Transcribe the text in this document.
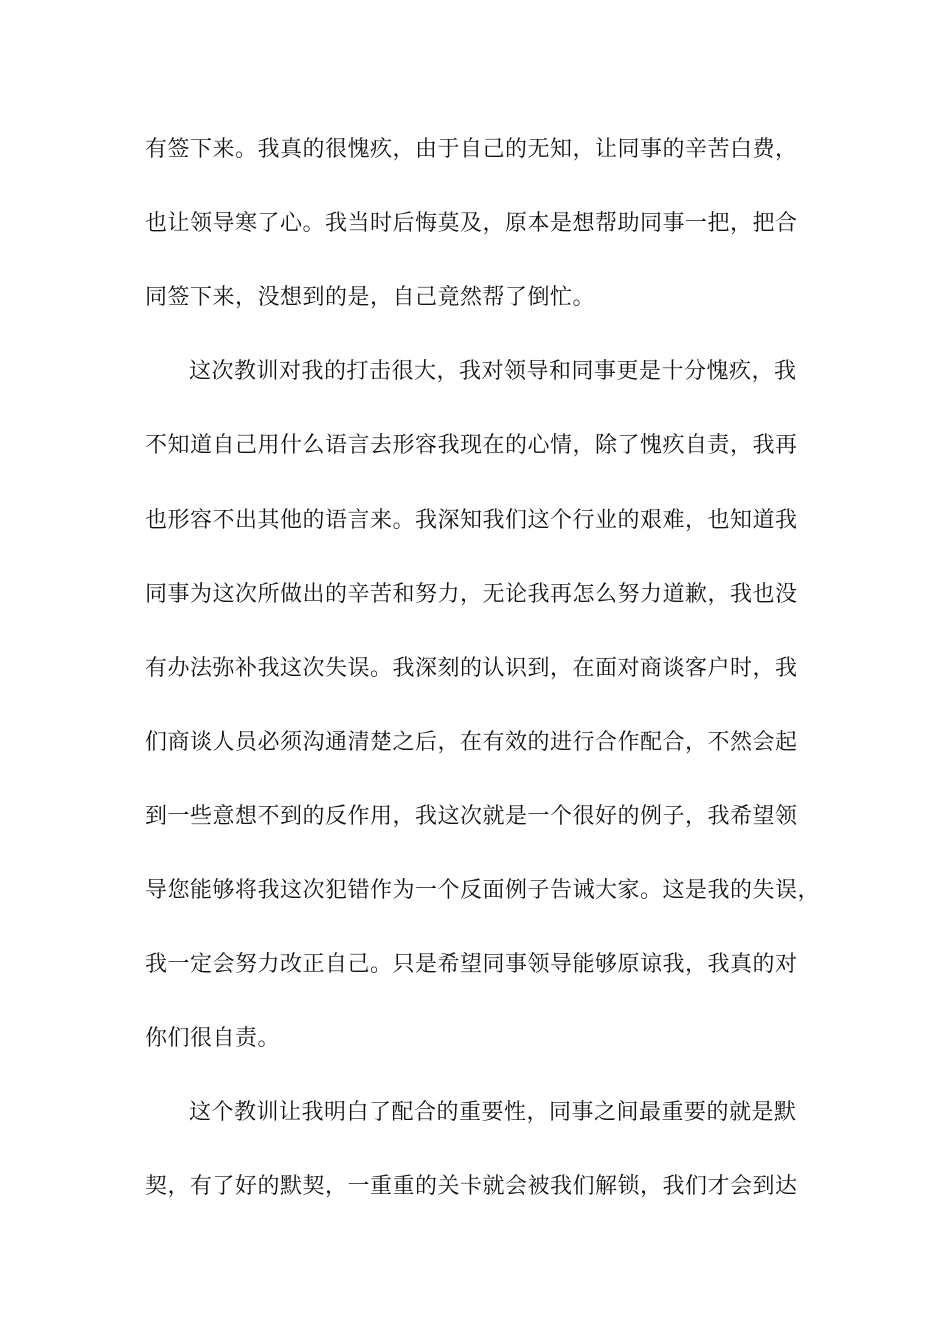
有签下来。我真的很愧疚，由于自己的无知，让同事的辛苦白费，
也让领导寒了心。我当时后悔莫及，原本是想帮助同事一把，把合
同签下来，没想到的是，自己竟然帮了倒忙。
这次教训对我的打击很大，我对领导和同事更是十分愧疚，我
不知道自己用什么语言去形容我现在的心情，除了愧疚自责，我再
也形容不出其他的语言来。我深知我们这个行业的艰难，也知道我
同事为这次所做出的辛苦和努力，无论我再怎么努力道歉，我也没
有办法弥补我这次失误。我深刻的认识到，在面对商谈客户时，我
们商谈人员必须沟通清楚之后，在有效的进行合作配合，不然会起
到一些意想不到的反作用，我这次就是一个很好的例子，我希望领
导您能够将我这次犯错作为一个反面例子告诫大家。这是我的失误，
我一定会努力改正自己。只是希望同事领导能够原谅我，我真的对
你们很自责。
这个教训让我明白了配合的重要性，同事之间最重要的就是默
契，有了好的默契，一重重的关卡就会被我们解锁，我们才会到达
